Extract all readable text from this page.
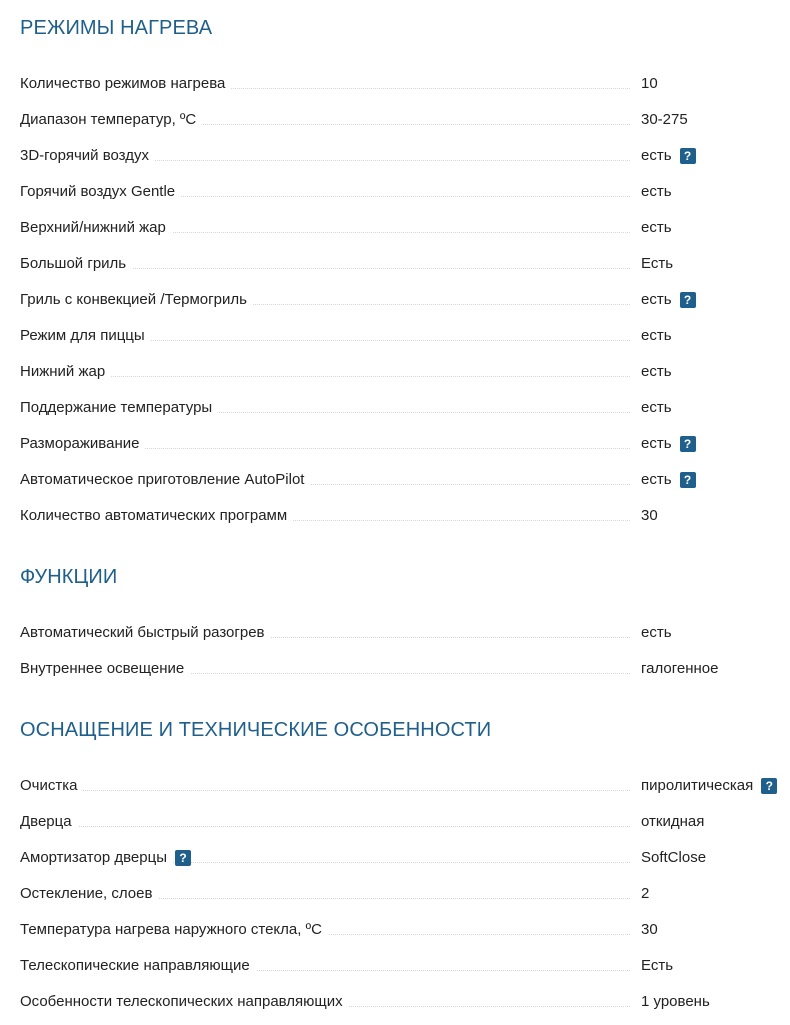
РЕЖИМЫ НАГРЕВА
Количество режимов нагрева	10
Диапазон температур, ºC	30-275
3D-горячий воздух	есть	?
Горячий воздух Gentle	есть
Верхний/нижний жар	есть
Большой гриль	Есть
Гриль с конвекцией /Термогриль	есть	?
Режим для пиццы	есть
Нижний жар	есть
Поддержание температуры	есть
Размораживание	есть	?
Автоматическое приготовление AutoPilot	есть	?
Количество автоматических программ	30
ФУНКЦИИ
Автоматический быстрый разогрев	есть
Внутреннее освещение	галогенное
ОСНАЩЕНИЕ И ТЕХНИЧЕСКИЕ ОСОБЕННОСТИ
Очистка	пиролитическая	?
Дверца	откидная
Амортизатор дверцы	?	SoftClose
Остекление, слоев	2
Температура нагрева наружного стекла, ºC	30
Телескопические направляющие	Есть
Особенности телескопических направляющих	1 уровень
